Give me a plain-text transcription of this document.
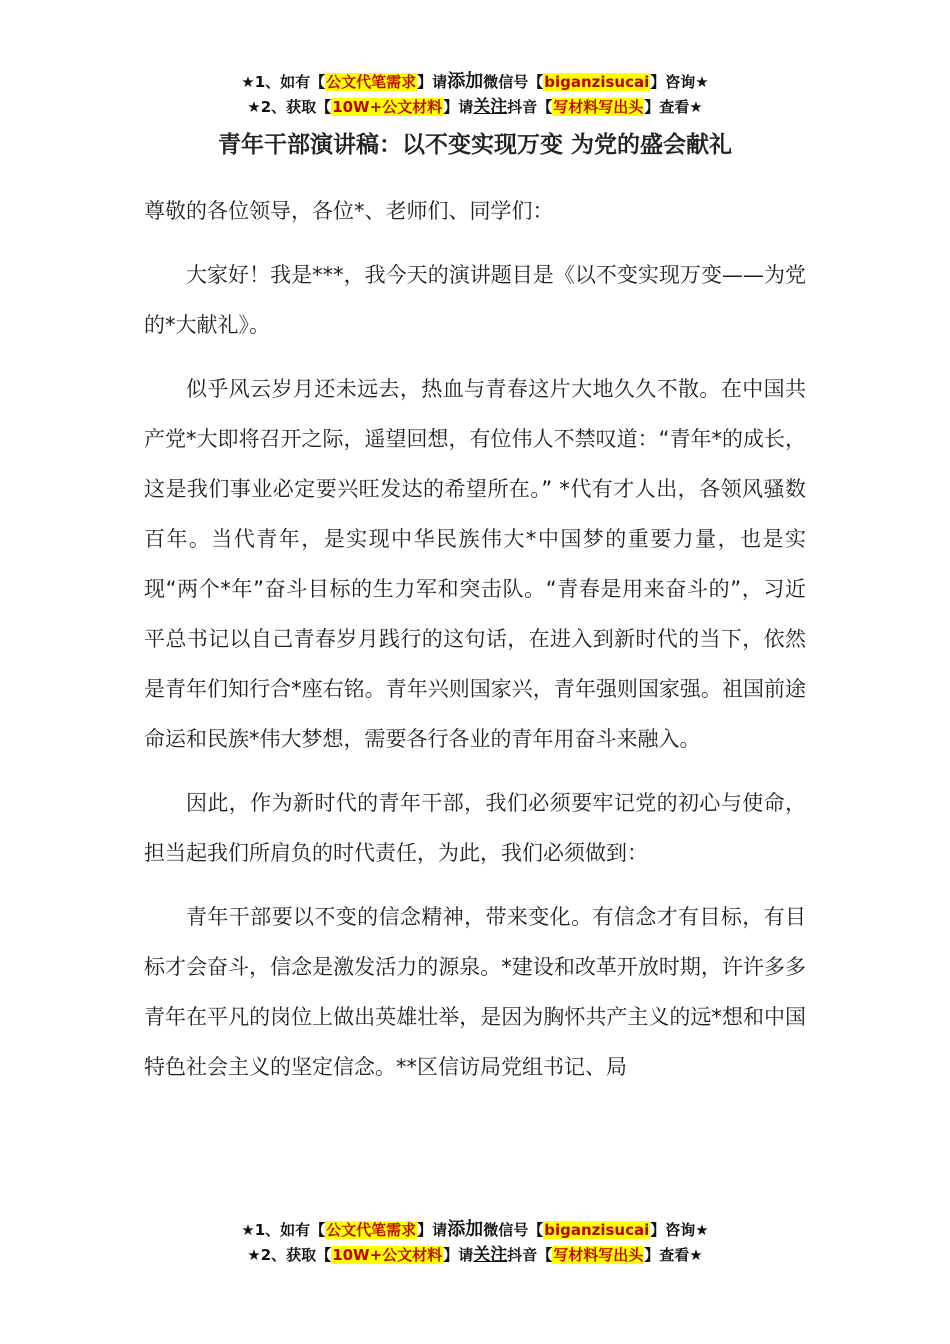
★1、如有【公文代笔需求】请添加微信号【biganzisucai】咨询★
★2、获取【10W+公文材料】请关注抖音【写材料写出头】查看★
青年干部演讲稿：以不变实现万变 为党的盛会献礼

尊敬的各位领导，各位*、老师们、同学们：

大家好！我是***，我今天的演讲题目是《以不变实现万变——为党的*大献礼》。

似乎风云岁月还未远去，热血与青春这片大地久久不散。在中国共产党*大即将召开之际，遥望回想，有位伟人不禁叹道：“青年*的成长，这是我们事业必定要兴旺发达的希望所在。” *代有才人出，各领风骚数百年。当代青年，是实现中华民族伟大*中国梦的重要力量，也是实现“两个*年”奋斗目标的生力军和突击队。“青春是用来奋斗的”，习近平总书记以自己青春岁月践行的这句话，在进入到新时代的当下，依然是青年们知行合*座右铭。青年兴则国家兴，青年强则国家强。祖国前途命运和民族*伟大梦想，需要各行各业的青年用奋斗来融入。

因此，作为新时代的青年干部，我们必须要牢记党的初心与使命，担当起我们所肩负的时代责任，为此，我们必须做到：

青年干部要以不变的信念精神，带来变化。有信念才有目标，有目标才会奋斗，信念是激发活力的源泉。*建设和改革开放时期，许许多多青年在平凡的岗位上做出英雄壮举，是因为胸怀共产主义的远*想和中国特色社会主义的坚定信念。**区信访局党组书记、局

★1、如有【公文代笔需求】请添加微信号【biganzisucai】咨询★
★2、获取【10W+公文材料】请关注抖音【写材料写出头】查看★
